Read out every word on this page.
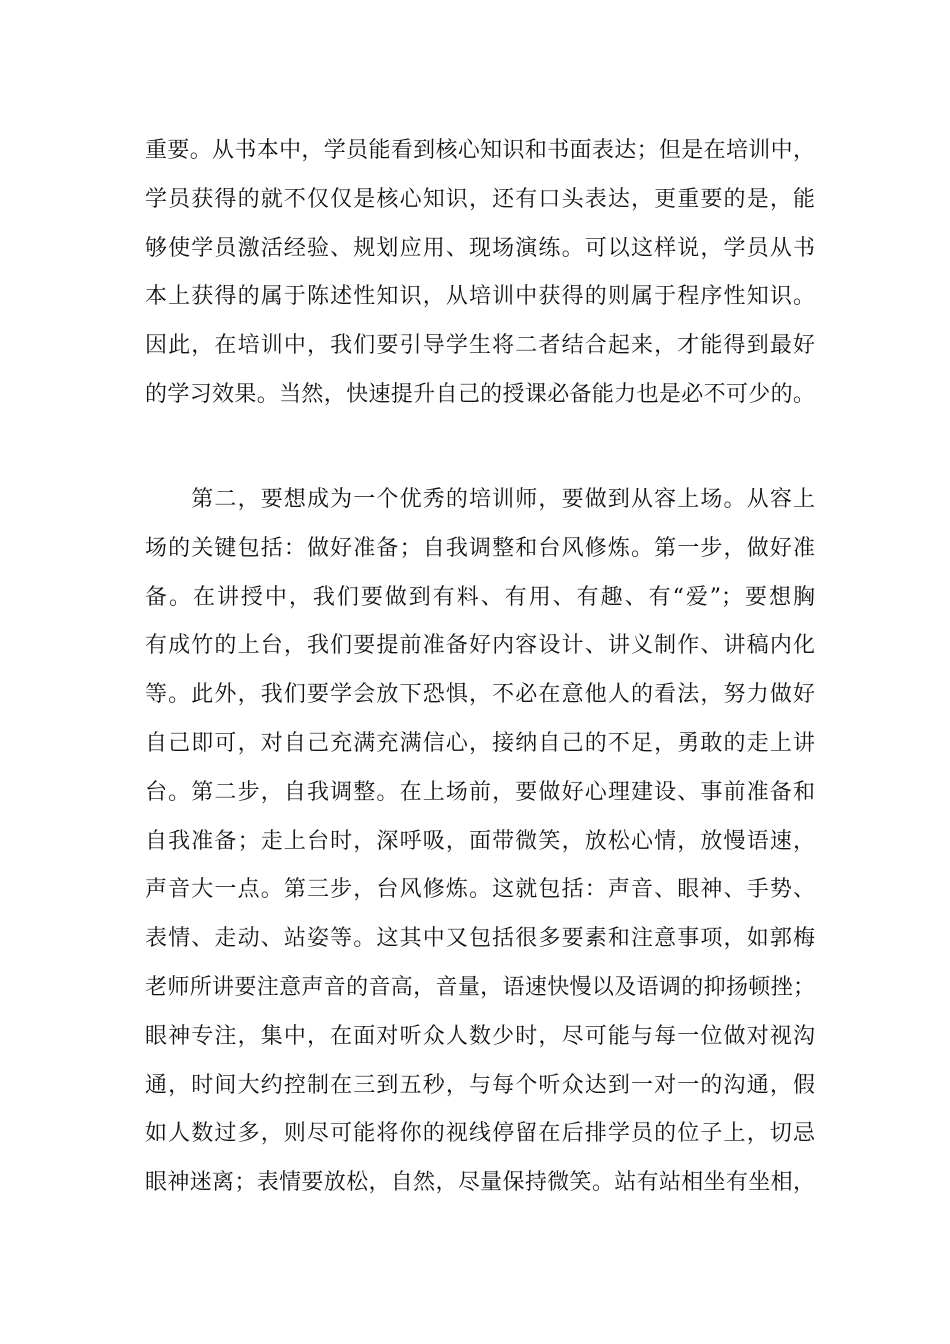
重要。从书本中，学员能看到核心知识和书面表达；但是在培训中，
学员获得的就不仅仅是核心知识，还有口头表达，更重要的是，能
够使学员激活经验、规划应用、现场演练。可以这样说，学员从书
本上获得的属于陈述性知识，从培训中获得的则属于程序性知识。
因此，在培训中，我们要引导学生将二者结合起来，才能得到最好
的学习效果。当然，快速提升自己的授课必备能力也是必不可少的。
　　第二，要想成为一个优秀的培训师，要做到从容上场。从容上
场的关键包括：做好准备；自我调整和台风修炼。第一步，做好准
备。在讲授中，我们要做到有料、有用、有趣、有“爱”；要想胸
有成竹的上台，我们要提前准备好内容设计、讲义制作、讲稿内化
等。此外，我们要学会放下恐惧，不必在意他人的看法，努力做好
自己即可，对自己充满充满信心，接纳自己的不足，勇敢的走上讲
台。第二步，自我调整。在上场前，要做好心理建设、事前准备和
自我准备；走上台时，深呼吸，面带微笑，放松心情，放慢语速，
声音大一点。第三步，台风修炼。这就包括：声音、眼神、手势、
表情、走动、站姿等。这其中又包括很多要素和注意事项，如郭梅
老师所讲要注意声音的音高，音量，语速快慢以及语调的抑扬顿挫；
眼神专注，集中，在面对听众人数少时，尽可能与每一位做对视沟
通，时间大约控制在三到五秒，与每个听众达到一对一的沟通，假
如人数过多，则尽可能将你的视线停留在后排学员的位子上，切忌
眼神迷离；表情要放松，自然，尽量保持微笑。站有站相坐有坐相，
